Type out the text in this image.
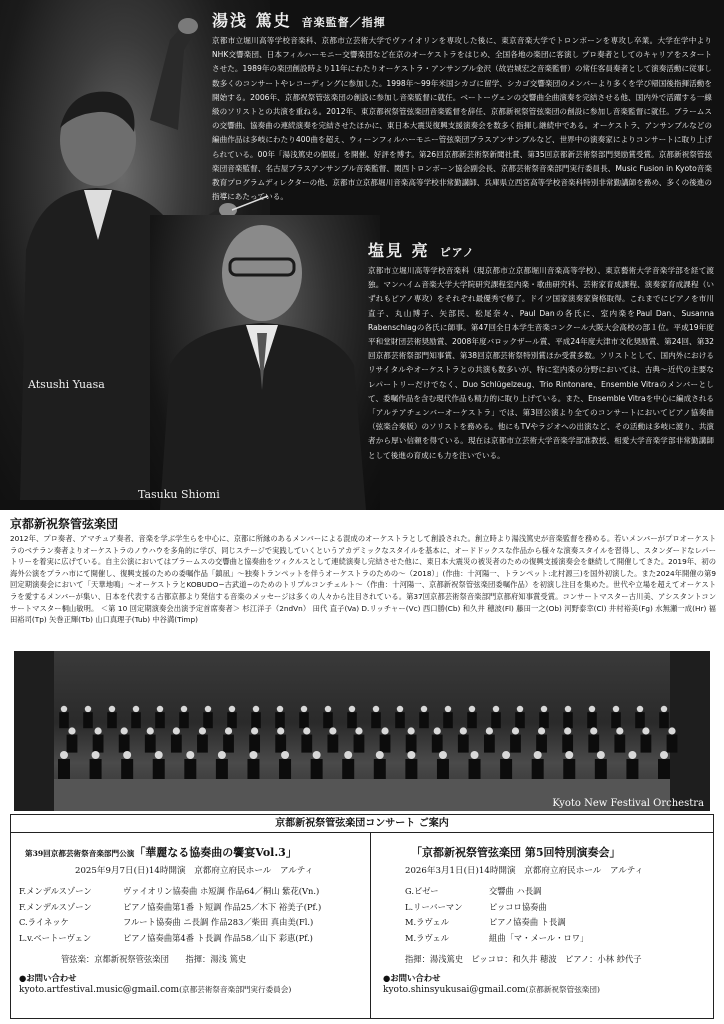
Atsushi Yuasa
Tasuku Shiomi
湯浅 篤史 音楽監督／指揮
京都市立堀川高等学校音楽科、京都市立芸術大学でヴァイオリンを専攻した後に、東京音楽大学でトロンボーンを専攻し卒業。大学在学中よりNHK交響楽団、日本フィルハーモニー交響楽団など在京のオーケストラをはじめ、全国各地の楽団に客演し プロ奏者としてのキャリアをスタートさせた。1989年の楽団創設時より11年にわたりオーケストラ・アンサンブル金沢（故岩城宏之音楽監督）の常任客員奏者として演奏活動に従事し数多くのコンサートやレコーディングに参加した。1998年〜99年米国シカゴに留学、シカゴ交響楽団のメンバーより多くを学び帰国後指揮活動を開始する。2006年、京都祝祭管弦楽団の創設に参加し音楽監督に就任。ベートーヴェンの交響曲全曲演奏を完結させる他、国内外で活躍する一線級のソリストとの共演を重ねる。2012年、東京都祝祭管弦楽団音楽監督を辞任、京都新祝祭管弦楽団の創設に参加し音楽監督に就任。ブラームスの交響曲、協奏曲の連続演奏を完結させたほかに、東日本大震災復興支援演奏会を数多く指揮し継続中である。オーケストラ、アンサンブルなどの編曲作品は多岐にわたり400曲を超え、ウィーンフィルハーモニー管弦楽団ブラスアンサンブルなど、世界中の演奏家によりコンサートに取り上げられている。00年「湯浅篤史の個展」を開催、好評を博す。第26回京都新芸術祭新聞社賞、第35回京都新芸術祭部門奨励賞受賞。京都新祝祭管弦楽団音楽監督、名古屋ブラスアンサンブル音楽監督、関西トロンボーン協会副会長、京都芸術祭音楽部門実行委員長、Music Fusion in Kyoto音楽教育プログラムディレクターの他、京都市立京都堀川音楽高等学校非常勤講師、兵庫県立西宮高等学校音楽科特別非常勤講師を務め、多くの後進の指導にあたっている。
塩見 亮 ピアノ
京都市立堀川高等学校音楽科（現京都市立京都堀川音楽高等学校）、東京藝術大学音楽学部を経て渡独。マンハイム音楽大学大学院研究課程室内楽・歌曲研究科、芸術家育成課程、演奏家育成課程（いずれもピアノ専攻）をそれぞれ最優秀で修了。ドイツ国家演奏家資格取得。これまでにピアノを市川直子、丸山博子、矢部民、松尾奈々、Paul Danの各氏に、室内楽をPaul Dan、Susanna Rabenschlagの各氏に師事。第47回全日本学生音楽コンクール大阪大会高校の部１位。平成19年度平和堂財団芸術奨励賞、2008年度バロックザール賞、平成24年度大津市文化奨励賞、第24回、第32回京都芸術祭部門知事賞、第38回京都芸術祭特別賞ほか受賞多数。ソリストとして、国内外におけるリサイタルやオーケストラとの共演も数多いが、特に室内楽の分野においては、古典〜近代の主要なレパートリーだけでなく、Duo Schlügelzeug、Trio Rintonare、Ensemble Vitraのメンバーとして、委嘱作品を含む現代作品も精力的に取り上げている。また、Ensemble Vitraを中心に編成される「アルテアチェンバーオーケストラ」では、第3回公演より全てのコンサートにおいてピアノ協奏曲（弦楽合奏版）のソリストを務める。他にもTVやラジオへの出演など、その活動は多岐に渡り、共演者から厚い信頼を得ている。現在は京都市立芸術大学音楽学部准教授、相愛大学音楽学部非常勤講師として後進の育成にも力を注いでいる。
京都新祝祭管弦楽団
2012年、プロ奏者、アマチュア奏者、音楽を学ぶ学生らを中心に、京都に所縁のあるメンバーによる混成のオーケストラとして創設された。創立時より湯浅篤史が音楽監督を務める。若いメンバーがプロオーケストラのベテラン奏者よりオーケストラのノウハウを多角的に学び、同じステージで実践していくというアカデミックなスタイルを基本に、オードドックスな作品から様々な演奏スタイルを習得し、スタンダードなレパートリーを着実に広げている。自主公演においてはブラームスの交響曲と協奏曲をツィクルスとして連続演奏し完結させた他に、東日本大震災の被災者のための復興支援演奏会を継続して開催してきた。2019年、初の海外公演をプラハ市にて開催し、復興支援のための委嘱作品「鎮凪」〜独奏トランペットを伴うオーケストラのための〜（2018）」(作曲：十河陽一、トランペット:北村源三)を国外初演した。また2024年開催の第9回定期演奏会において「天華地鳴」〜オーケストラとKOBUDO−古武道−のためのトリプルコンチェルト〜（作曲：十河陽一、京都新祝祭管弦楽団委嘱作品）を初演し注目を集めた。世代や立場を超えてオーケストラを愛するメンバーが集い、日本を代表する古都京都より発信する音楽のメッセージは多くの人々から注目されている。第37回京都芸術祭音楽部門京都府知事賞受賞。コンサートマスター古川美、アシスタントコンサートマスター桐山敏明。 ＜第 10 回定期演奏会出演予定首席奏者＞ 杉江洋子（2ndVn） 田代 直子(Va) D.リッチャー(Vc) 西口勝(Cb) 和久井 穂波(Fl) 藤田一之(Ob) 河野泰幸(Cl) 井村裕美(Fg) 水無瀬一成(Hr) 福田裕司(Tp) 矢巻正輝(Tb) 山口真理子(Tub) 中谷満(Timp)
Kyoto New Festival Orchestra
京都新祝祭管弦楽団コンサート ご案内
第39回京都芸術祭音楽部門公演「華麗なる協奏曲の饗宴Vol.3」
2025年9月7日(日)14時開演　京都府立府民ホール　アルティ
F.メンデルスゾーン	ヴァイオリン協奏曲 ホ短調 作品64／桐山 紫花(Vn.)
F.メンデルスゾーン	ピアノ協奏曲第1番 ト短調 作品25／木下 裕美子(Pf.)
C.ライネッケ	フルート協奏曲 ニ長調 作品283／柴田 真由美(Fl.)
L.v.ベートーヴェン	ピアノ協奏曲第4番 ト長調 作品58／山下 彩恵(Pf.)
管弦楽：京都新祝祭管弦楽団　　指揮：湯浅 篤史
●お問い合わせ
kyoto.artfestival.music@gmail.com(京都芸術祭音楽部門実行委員会)
「京都新祝祭管弦楽団 第5回特別演奏会」
2026年3月1日(日)14時開演　京都府立府民ホール　アルティ
G.ビゼー	交響曲 ハ長調
L.リーバーマン	ピッコロ協奏曲
M.ラヴェル	ピアノ協奏曲 ト長調
M.ラヴェル	組曲「マ・メール・ロワ」
指揮：湯浅篤史　ピッコロ：和久井 穂波　ピアノ：小林 紗代子
●お問い合わせ
kyoto.shinsyukusai@gmail.com(京都新祝祭管弦楽団)
